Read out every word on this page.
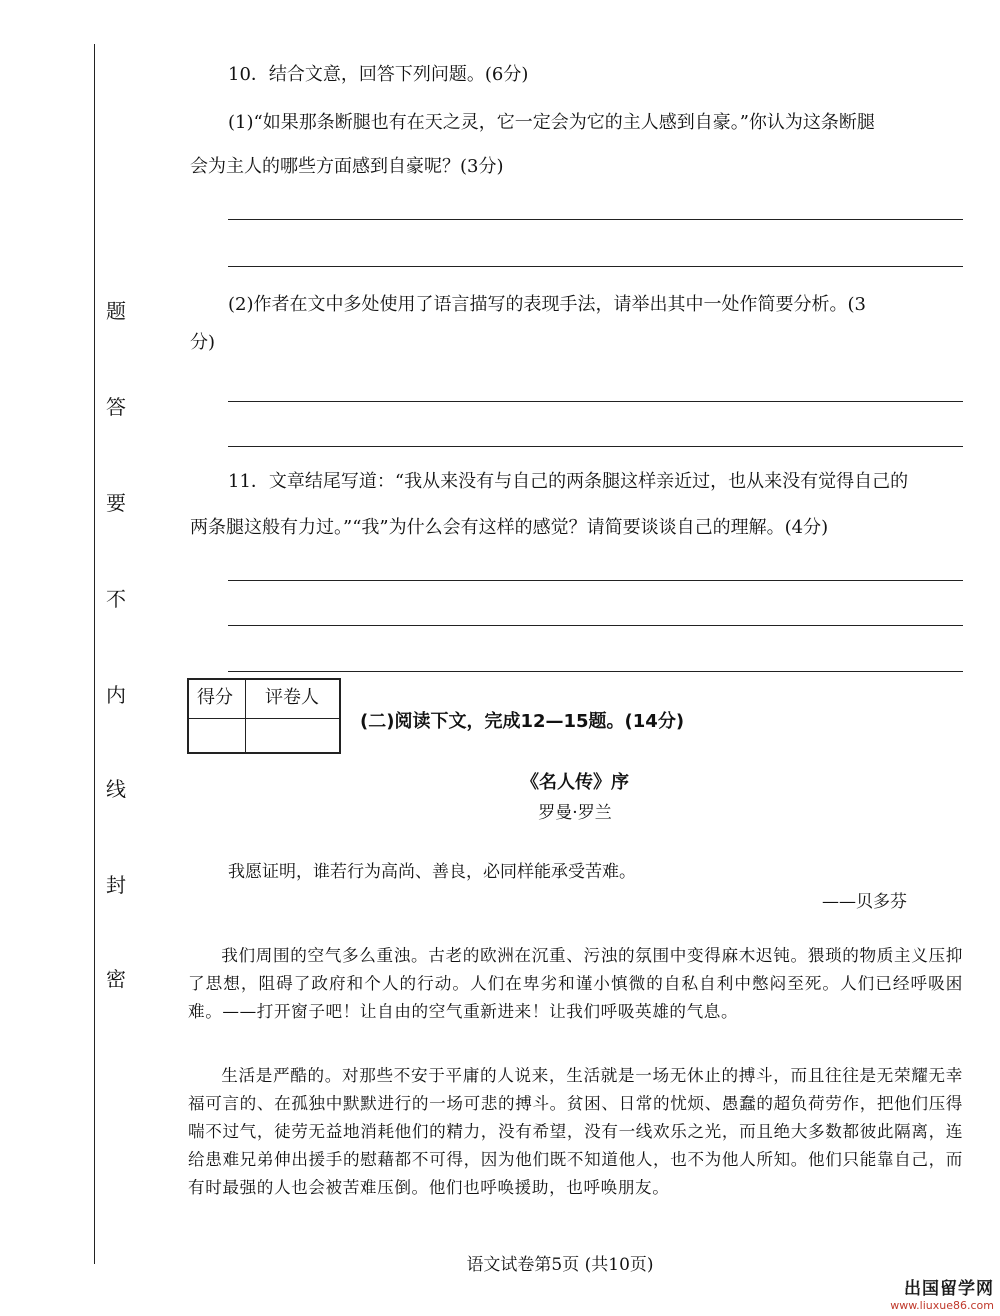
题
答
要
不
内
线
封
密
10．结合文意，回答下列问题。(6分)
(1)“如果那条断腿也有在天之灵，它一定会为它的主人感到自豪。”你认为这条断腿
会为主人的哪些方面感到自豪呢？(3分)
(2)作者在文中多处使用了语言描写的表现手法，请举出其中一处作简要分析。(3
分)
11．文章结尾写道：“我从来没有与自己的两条腿这样亲近过，也从来没有觉得自己的
两条腿这般有力过。”“我”为什么会有这样的感觉？请简要谈谈自己的理解。(4分)
得分 评卷人
(二)阅读下文，完成12—15题。(14分)
《名人传》序
罗曼·罗兰
我愿证明，谁若行为高尚、善良，必同样能承受苦难。
——贝多芬
我们周围的空气多么重浊。古老的欧洲在沉重、污浊的氛围中变得麻木迟钝。猥琐的物质主义压抑了思想，阻碍了政府和个人的行动。人们在卑劣和谨小慎微的自私自利中憋闷至死。人们已经呼吸困难。——打开窗子吧！让自由的空气重新进来！让我们呼吸英雄的气息。
生活是严酷的。对那些不安于平庸的人说来，生活就是一场无休止的搏斗，而且往往是无荣耀无幸福可言的、在孤独中默默进行的一场可悲的搏斗。贫困、日常的忧烦、愚蠢的超负荷劳作，把他们压得喘不过气，徒劳无益地消耗他们的精力，没有希望，没有一线欢乐之光，而且绝大多数都彼此隔离，连给患难兄弟伸出援手的慰藉都不可得，因为他们既不知道他人，也不为他人所知。他们只能靠自己，而有时最强的人也会被苦难压倒。他们也呼唤援助，也呼唤朋友。
语文试卷第5页 (共10页)
出国留学网
www.liuxue86.com
